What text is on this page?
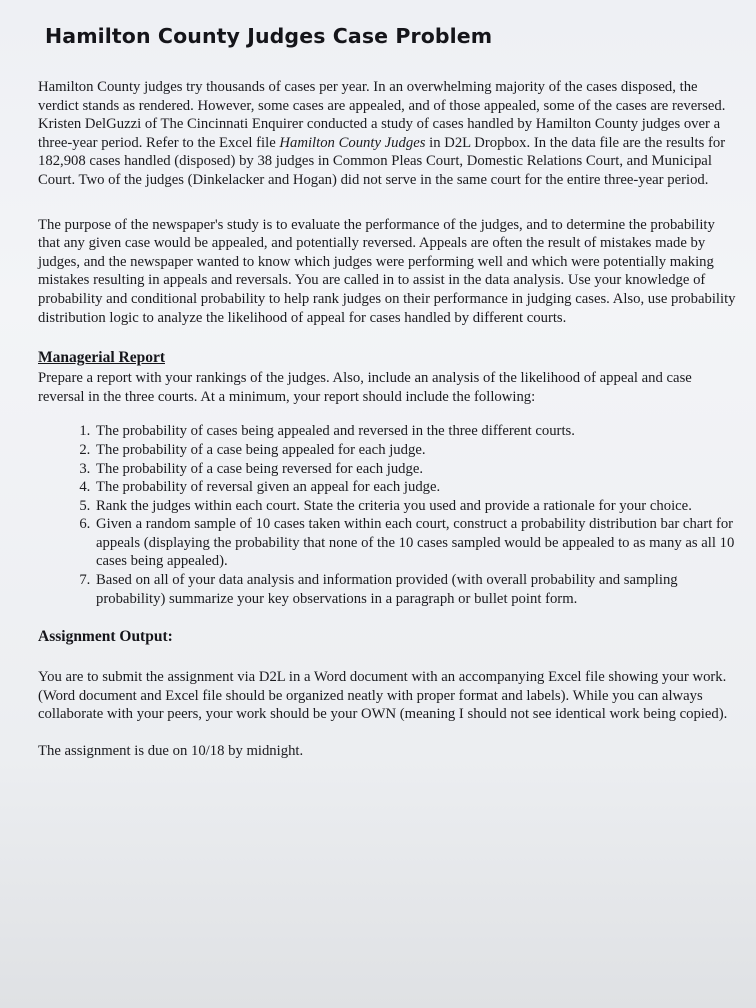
Hamilton County Judges Case Problem

Hamilton County judges try thousands of cases per year. In an overwhelming majority of the cases disposed, the verdict stands as rendered. However, some cases are appealed, and of those appealed, some of the cases are reversed. Kristen DelGuzzi of The Cincinnati Enquirer conducted a study of cases handled by Hamilton County judges over a three-year period. Refer to the Excel file Hamilton County Judges in D2L Dropbox. In the data file are the results for 182,908 cases handled (disposed) by 38 judges in Common Pleas Court, Domestic Relations Court, and Municipal Court. Two of the judges (Dinkelacker and Hogan) did not serve in the same court for the entire three-year period.

The purpose of the newspaper's study is to evaluate the performance of the judges, and to determine the probability that any given case would be appealed, and potentially reversed. Appeals are often the result of mistakes made by judges, and the newspaper wanted to know which judges were performing well and which were potentially making mistakes resulting in appeals and reversals. You are called in to assist in the data analysis. Use your knowledge of probability and conditional probability to help rank judges on their performance in judging cases. Also, use probability distribution logic to analyze the likelihood of appeal for cases handled by different courts.

Managerial Report

Prepare a report with your rankings of the judges. Also, include an analysis of the likelihood of appeal and case reversal in the three courts. At a minimum, your report should include the following:

1. The probability of cases being appealed and reversed in the three different courts.
2. The probability of a case being appealed for each judge.
3. The probability of a case being reversed for each judge.
4. The probability of reversal given an appeal for each judge.
5. Rank the judges within each court. State the criteria you used and provide a rationale for your choice.
6. Given a random sample of 10 cases taken within each court, construct a probability distribution bar chart for appeals (displaying the probability that none of the 10 cases sampled would be appealed to as many as all 10 cases being appealed).
7. Based on all of your data analysis and information provided (with overall probability and sampling probability) summarize your key observations in a paragraph or bullet point form.
Assignment Output:

You are to submit the assignment via D2L in a Word document with an accompanying Excel file showing your work. (Word document and Excel file should be organized neatly with proper format and labels). While you can always collaborate with your peers, your work should be your OWN (meaning I should not see identical work being copied).

The assignment is due on 10/18 by midnight.
